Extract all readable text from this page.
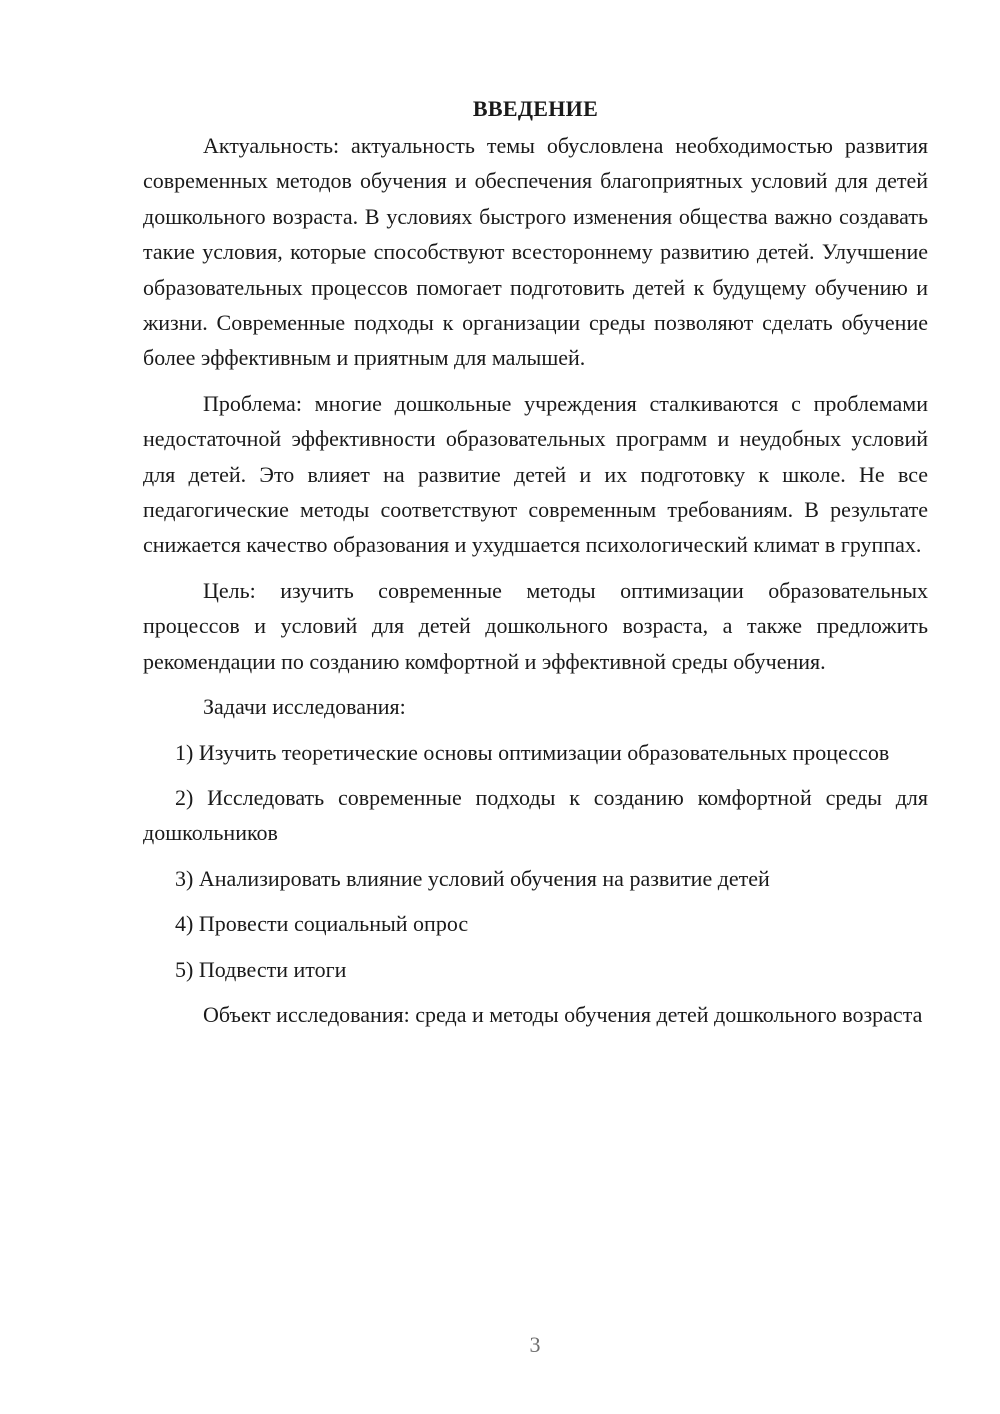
ВВЕДЕНИЕ

Актуальность: актуальность темы обусловлена необходимостью развития современных методов обучения и обеспечения благоприятных условий для детей дошкольного возраста. В условиях быстрого изменения общества важно создавать такие условия, которые способствуют всестороннему развитию детей. Улучшение образовательных процессов помогает подготовить детей к будущему обучению и жизни. Современные подходы к организации среды позволяют сделать обучение более эффективным и приятным для малышей.

Проблема: многие дошкольные учреждения сталкиваются с проблемами недостаточной эффективности образовательных программ и неудобных условий для детей. Это влияет на развитие детей и их подготовку к школе. Не все педагогические методы соответствуют современным требованиям. В результате снижается качество образования и ухудшается психологический климат в группах.

Цель: изучить современные методы оптимизации образовательных процессов и условий для детей дошкольного возраста, а также предложить рекомендации по созданию комфортной и эффективной среды обучения.

Задачи исследования:

1) Изучить теоретические основы оптимизации образовательных процессов

2) Исследовать современные подходы к созданию комфортной среды для дошкольников

3) Анализировать влияние условий обучения на развитие детей

4) Провести социальный опрос

5) Подвести итоги

Объект исследования: среда и методы обучения детей дошкольного возраста

3
